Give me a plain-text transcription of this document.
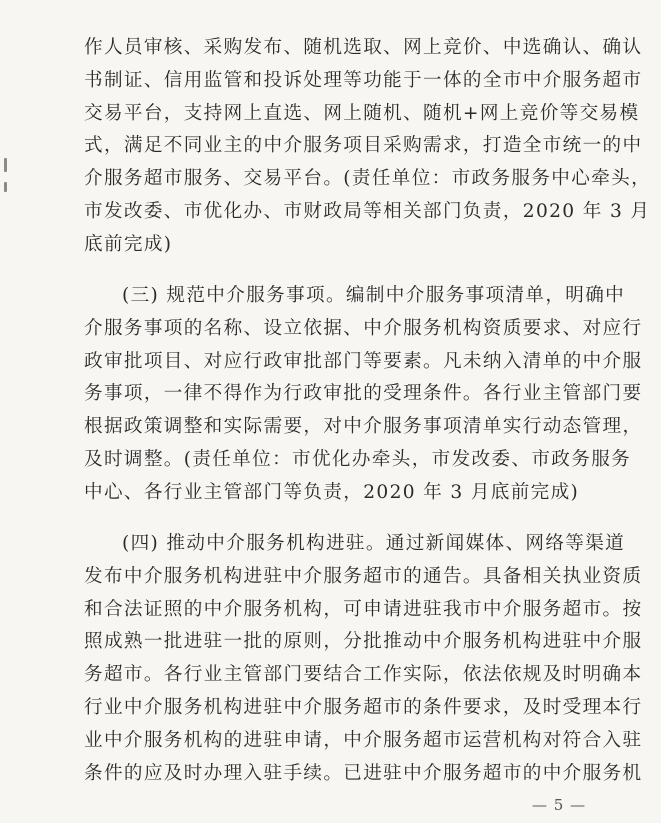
作人员审核、采购发布、随机选取、网上竞价、中选确认、确认
书制证、信用监管和投诉处理等功能于一体的全市中介服务超市
交易平台，支持网上直选、网上随机、随机+网上竞价等交易模
式，满足不同业主的中介服务项目采购需求，打造全市统一的中
介服务超市服务、交易平台。(责任单位：市政务服务中心牵头，
市发改委、市优化办、市财政局等相关部门负责，2020 年 3 月
底前完成)
(三) 规范中介服务事项。编制中介服务事项清单，明确中
介服务事项的名称、设立依据、中介服务机构资质要求、对应行
政审批项目、对应行政审批部门等要素。凡未纳入清单的中介服
务事项，一律不得作为行政审批的受理条件。各行业主管部门要
根据政策调整和实际需要，对中介服务事项清单实行动态管理，
及时调整。(责任单位：市优化办牵头，市发改委、市政务服务
中心、各行业主管部门等负责，2020 年 3 月底前完成)
(四) 推动中介服务机构进驻。通过新闻媒体、网络等渠道
发布中介服务机构进驻中介服务超市的通告。具备相关执业资质
和合法证照的中介服务机构，可申请进驻我市中介服务超市。按
照成熟一批进驻一批的原则，分批推动中介服务机构进驻中介服
务超市。各行业主管部门要结合工作实际，依法依规及时明确本
行业中介服务机构进驻中介服务超市的条件要求，及时受理本行
业中介服务机构的进驻申请，中介服务超市运营机构对符合入驻
条件的应及时办理入驻手续。已进驻中介服务超市的中介服务机
— 5 —
